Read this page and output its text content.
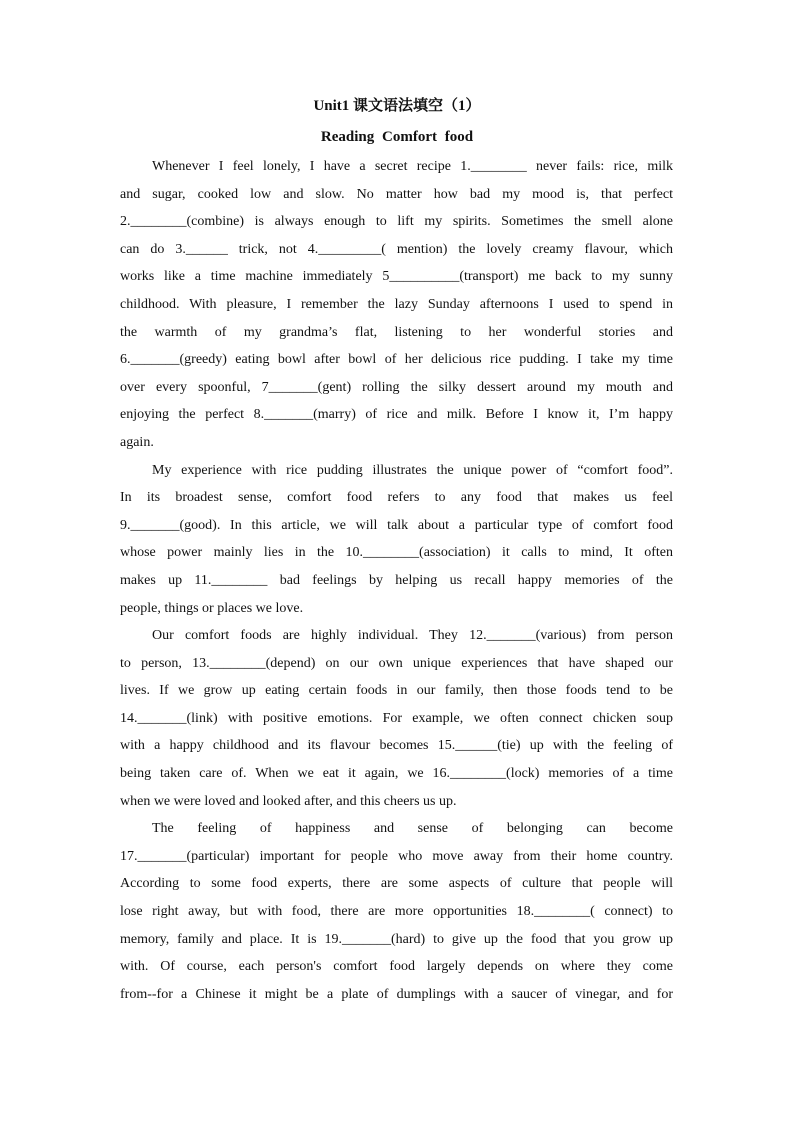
Unit1 课文语法填空（1）
Reading Comfort food
Whenever I feel lonely, I have a secret recipe 1.________ never fails: rice, milk
and sugar, cooked low and slow. No matter how bad my mood is, that perfect
2.________(combine) is always enough to lift my spirits. Sometimes the smell alone
can do 3.______ trick, not 4._________( mention) the lovely creamy flavour, which
works like a time machine immediately 5__________(transport) me back to my sunny
childhood. With pleasure, I remember the lazy Sunday afternoons I used to spend in
the warmth of my grandma’s flat, listening to her wonderful stories and
6._______(greedy) eating bowl after bowl of her delicious rice pudding. I take my time
over every spoonful, 7_______(gent) rolling the silky dessert around my mouth and
enjoying the perfect 8._______(marry) of rice and milk. Before I know it, I’m happy
again.
My experience with rice pudding illustrates the unique power of “comfort food”.
In its broadest sense, comfort food refers to any food that makes us feel
9._______(good). In this article, we will talk about a particular type of comfort food
whose power mainly lies in the 10.________(association) it calls to mind, It often
makes up 11.________ bad feelings by helping us recall happy memories of the
people, things or places we love.
Our comfort foods are highly individual. They 12._______(various) from person
to person, 13.________(depend) on our own unique experiences that have shaped our
lives. If we grow up eating certain foods in our family, then those foods tend to be
14._______(link) with positive emotions. For example, we often connect chicken soup
with a happy childhood and its flavour becomes 15.______(tie) up with the feeling of
being taken care of. When we eat it again, we 16.________(lock) memories of a time
when we were loved and looked after, and this cheers us up.
The feeling of happiness and sense of belonging can become
17._______(particular) important for people who move away from their home country.
According to some food experts, there are some aspects of culture that people will
lose right away, but with food, there are more opportunities 18.________( connect) to
memory, family and place. It is 19._______(hard) to give up the food that you grow up
with. Of course, each person's comfort food largely depends on where they come
from--for a Chinese it might be a plate of dumplings with a saucer of vinegar, and for
